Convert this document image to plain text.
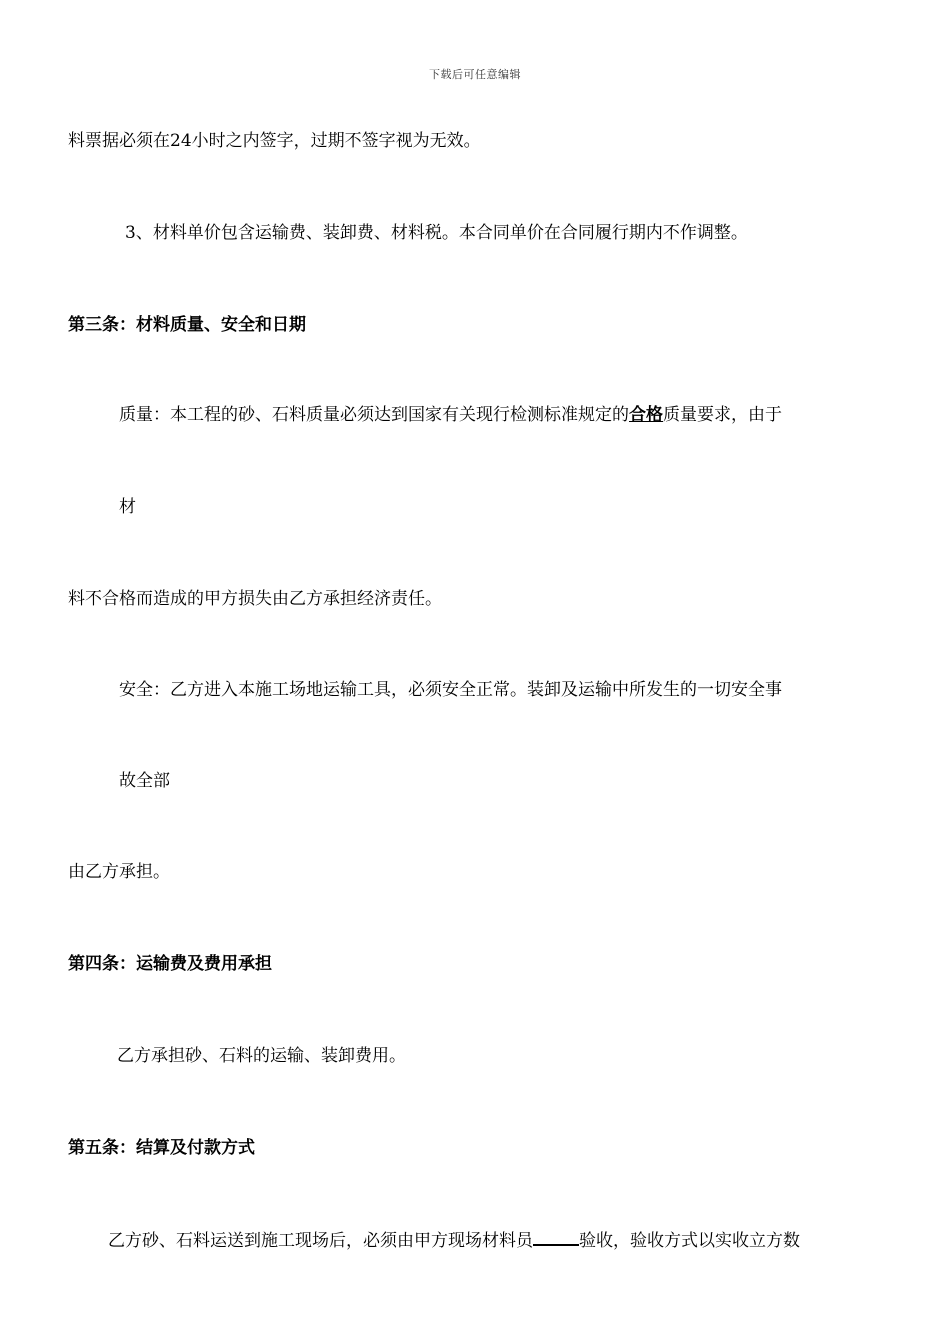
下载后可任意编辑
料票据必须在24小时之内签字，过期不签字视为无效。
3、材料单价包含运输费、装卸费、材料税。本合同单价在合同履行期内不作调整。
第三条：材料质量、安全和日期
质量：本工程的砂、石料质量必须达到国家有关现行检测标准规定的合格质量要求，由于
材
料不合格而造成的甲方损失由乙方承担经济责任。
安全：乙方进入本施工场地运输工具，必须安全正常。装卸及运输中所发生的一切安全事
故全部
由乙方承担。
第四条：运输费及费用承担
乙方承担砂、石料的运输、装卸费用。
第五条：结算及付款方式
乙方砂、石料运送到施工现场后，必须由甲方现场材料员	验收，验收方式以实收立方数
